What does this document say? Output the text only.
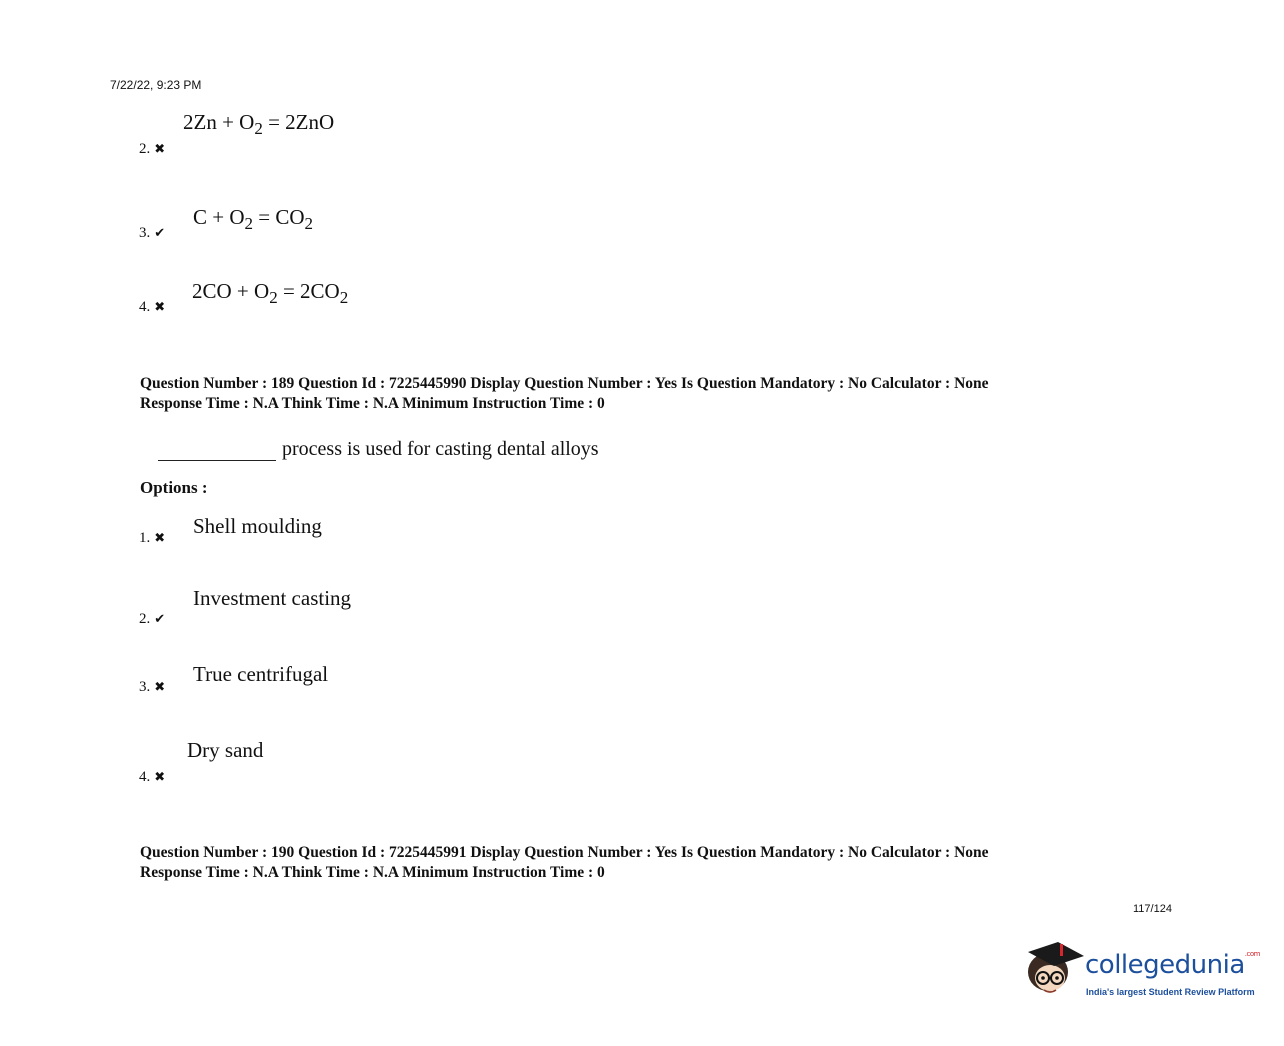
7/22/22, 9:23 PM
$2Zn + O_2 = 2ZnO$
2. ✖
$C + O_2 = CO_2$
3. ✔
$2CO + O_2 = 2CO_2$
4. ✖
Question Number : 189 Question Id : 7225445990 Display Question Number : Yes Is Question Mandatory : No Calculator : None
Response Time : N.A Think Time : N.A Minimum Instruction Time : 0
process is used for casting dental alloys
Options :
Shell moulding
1. ✖
Investment casting
2. ✔
True centrifugal
3. ✖
Dry sand
4. ✖
Question Number : 190 Question Id : 7225445991 Display Question Number : Yes Is Question Mandatory : No Calculator : None
Response Time : N.A Think Time : N.A Minimum Instruction Time : 0
117/124
collegedunia$^{.com}$
India's largest Student Review Platform
